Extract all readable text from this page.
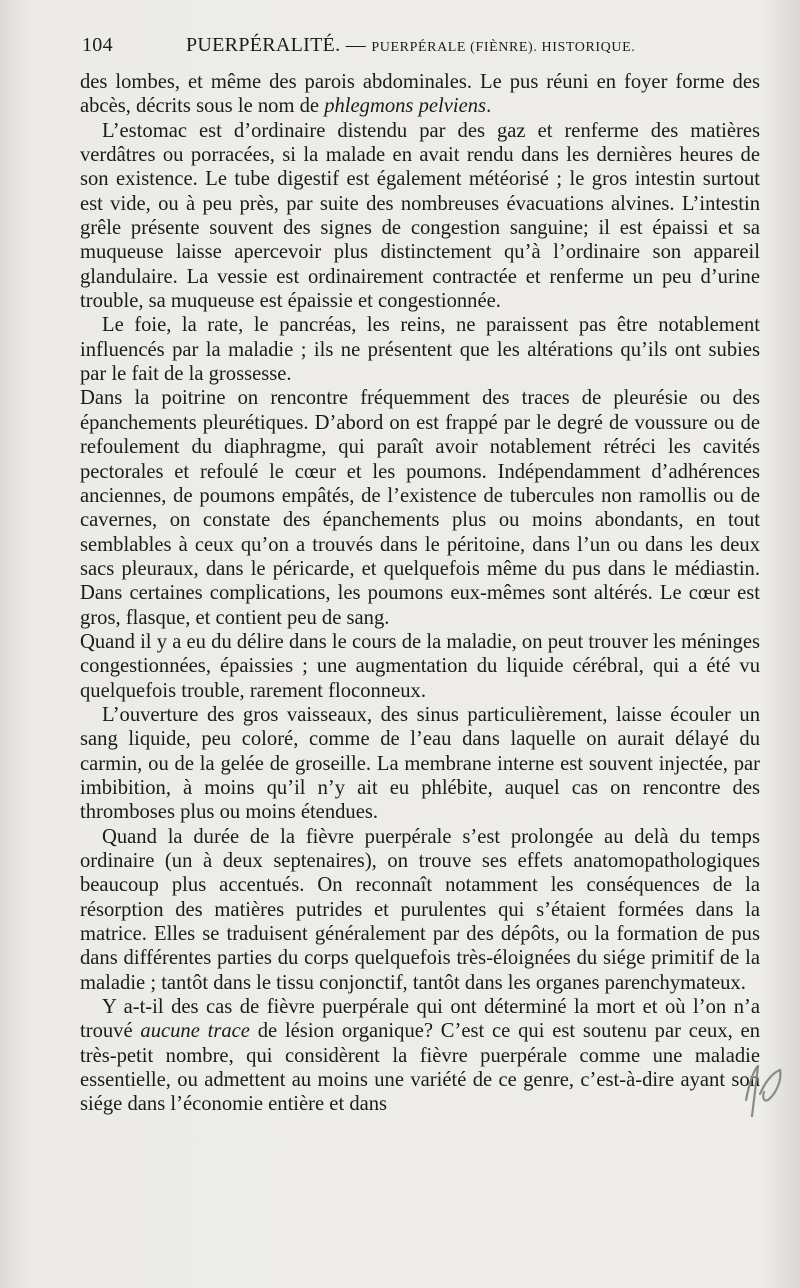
104	PUERPÉRALITÉ. — PUERPÉRALE (FIÈNRE). HISTORIQUE.

des lombes, et même des parois abdominales. Le pus réuni en foyer forme des abcès, décrits sous le nom de phlegmons pelviens.

L’estomac est d’ordinaire distendu par des gaz et renferme des matières verdâtres ou porracées, si la malade en avait rendu dans les dernières heures de son existence. Le tube digestif est également météorisé ; le gros intestin surtout est vide, ou à peu près, par suite des nombreuses évacuations alvines. L’intestin grêle présente souvent des signes de congestion sanguine; il est épaissi et sa muqueuse laisse apercevoir plus distinctement qu’à l’ordinaire son appareil glandulaire. La vessie est ordinairement contractée et renferme un peu d’urine trouble, sa muqueuse est épaissie et congestionnée.

Le foie, la rate, le pancréas, les reins, ne paraissent pas être notablement influencés par la maladie ; ils ne présentent que les altérations qu’ils ont subies par le fait de la grossesse.

Dans la poitrine on rencontre fréquemment des traces de pleurésie ou des épanchements pleurétiques. D’abord on est frappé par le degré de voussure ou de refoulement du diaphragme, qui paraît avoir notablement rétréci les cavités pectorales et refoulé le cœur et les poumons. Indépendamment d’adhérences anciennes, de poumons empâtés, de l’existence de tubercules non ramollis ou de cavernes, on constate des épanchements plus ou moins abondants, en tout semblables à ceux qu’on a trouvés dans le péritoine, dans l’un ou dans les deux sacs pleuraux, dans le péricarde, et quelquefois même du pus dans le médiastin. Dans certaines complications, les poumons eux-mêmes sont altérés. Le cœur est gros, flasque, et contient peu de sang.

Quand il y a eu du délire dans le cours de la maladie, on peut trouver les méninges congestionnées, épaissies ; une augmentation du liquide cérébral, qui a été vu quelquefois trouble, rarement floconneux.

L’ouverture des gros vaisseaux, des sinus particulièrement, laisse écouler un sang liquide, peu coloré, comme de l’eau dans laquelle on aurait délayé du carmin, ou de la gelée de groseille. La membrane interne est souvent injectée, par imbibition, à moins qu’il n’y ait eu phlébite, auquel cas on rencontre des thromboses plus ou moins étendues.

Quand la durée de la fièvre puerpérale s’est prolongée au delà du temps ordinaire (un à deux septenaires), on trouve ses effets anatomopathologiques beaucoup plus accentués. On reconnaît notamment les conséquences de la résorption des matières putrides et purulentes qui s’étaient formées dans la matrice. Elles se traduisent généralement par des dépôts, ou la formation de pus dans différentes parties du corps quelquefois très-éloignées du siége primitif de la maladie ; tantôt dans le tissu conjonctif, tantôt dans les organes parenchymateux.

Y a-t-il des cas de fièvre puerpérale qui ont déterminé la mort et où l’on n’a trouvé aucune trace de lésion organique? C’est ce qui est soutenu par ceux, en très-petit nombre, qui considèrent la fièvre puerpérale comme une maladie essentielle, ou admettent au moins une variété de ce genre, c’est-à-dire ayant son siége dans l’économie entière et dans
